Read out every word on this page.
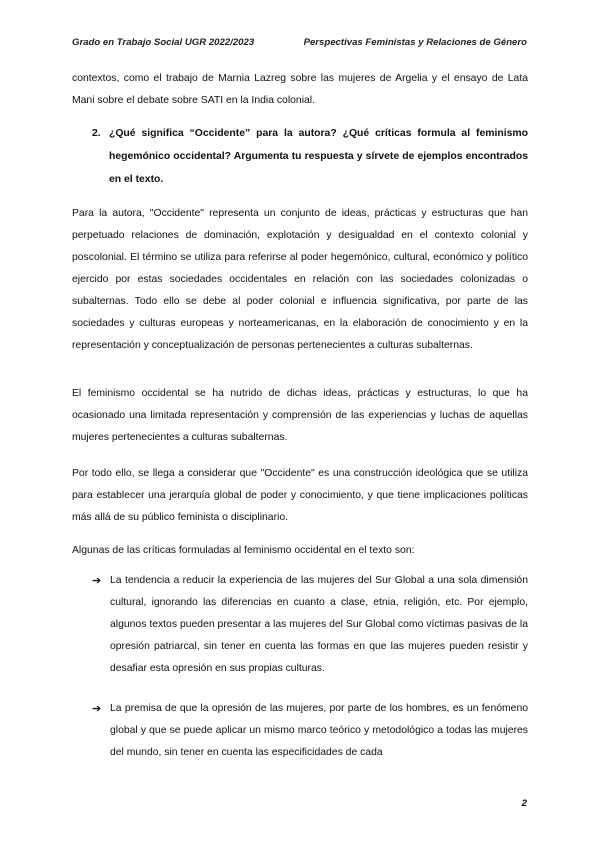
Grado en Trabajo Social UGR 2022/2023	Perspectivas Feministas y Relaciones de Género

contextos, como el trabajo de Marnia Lazreg sobre las mujeres de Argelia y el ensayo de Lata Mani sobre el debate sobre SATI en la India colonial.

2. ¿Qué significa “Occidente” para la autora? ¿Qué críticas formula al feminismo hegemónico occidental? Argumenta tu respuesta y sírvete de ejemplos encontrados en el texto.

Para la autora, "Occidente" representa un conjunto de ideas, prácticas y estructuras que han perpetuado relaciones de dominación, explotación y desigualdad en el contexto colonial y poscolonial. El término se utiliza para referirse al poder hegemónico, cultural, económico y político ejercido por estas sociedades occidentales en relación con las sociedades colonizadas o subalternas. Todo ello se debe al poder colonial e influencia significativa, por parte de las sociedades y culturas europeas y norteamericanas, en la elaboración de conocimiento y en la representación y conceptualización de personas pertenecientes a culturas subalternas.

El feminismo occidental se ha nutrido de dichas ideas, prácticas y estructuras, lo que ha ocasionado una limitada representación y comprensión de las experiencias y luchas de aquellas mujeres pertenecientes a culturas subalternas.

Por todo ello, se llega a considerar que "Occidente" es una construcción ideológica que se utiliza para establecer una jerarquía global de poder y conocimiento, y que tiene implicaciones políticas más allá de su público feminista o disciplinario.

Algunas de las críticas formuladas al feminismo occidental en el texto son:

➔ La tendencia a reducir la experiencia de las mujeres del Sur Global a una sola dimensión cultural, ignorando las diferencias en cuanto a clase, etnia, religión, etc. Por ejemplo, algunos textos pueden presentar a las mujeres del Sur Global como víctimas pasivas de la opresión patriarcal, sin tener en cuenta las formas en que las mujeres pueden resistir y desafiar esta opresión en sus propias culturas.
➔ La premisa de que la opresión de las mujeres, por parte de los hombres, es un fenómeno global y que se puede aplicar un mismo marco teórico y metodológico a todas las mujeres del mundo, sin tener en cuenta las especificidades de cada
2
